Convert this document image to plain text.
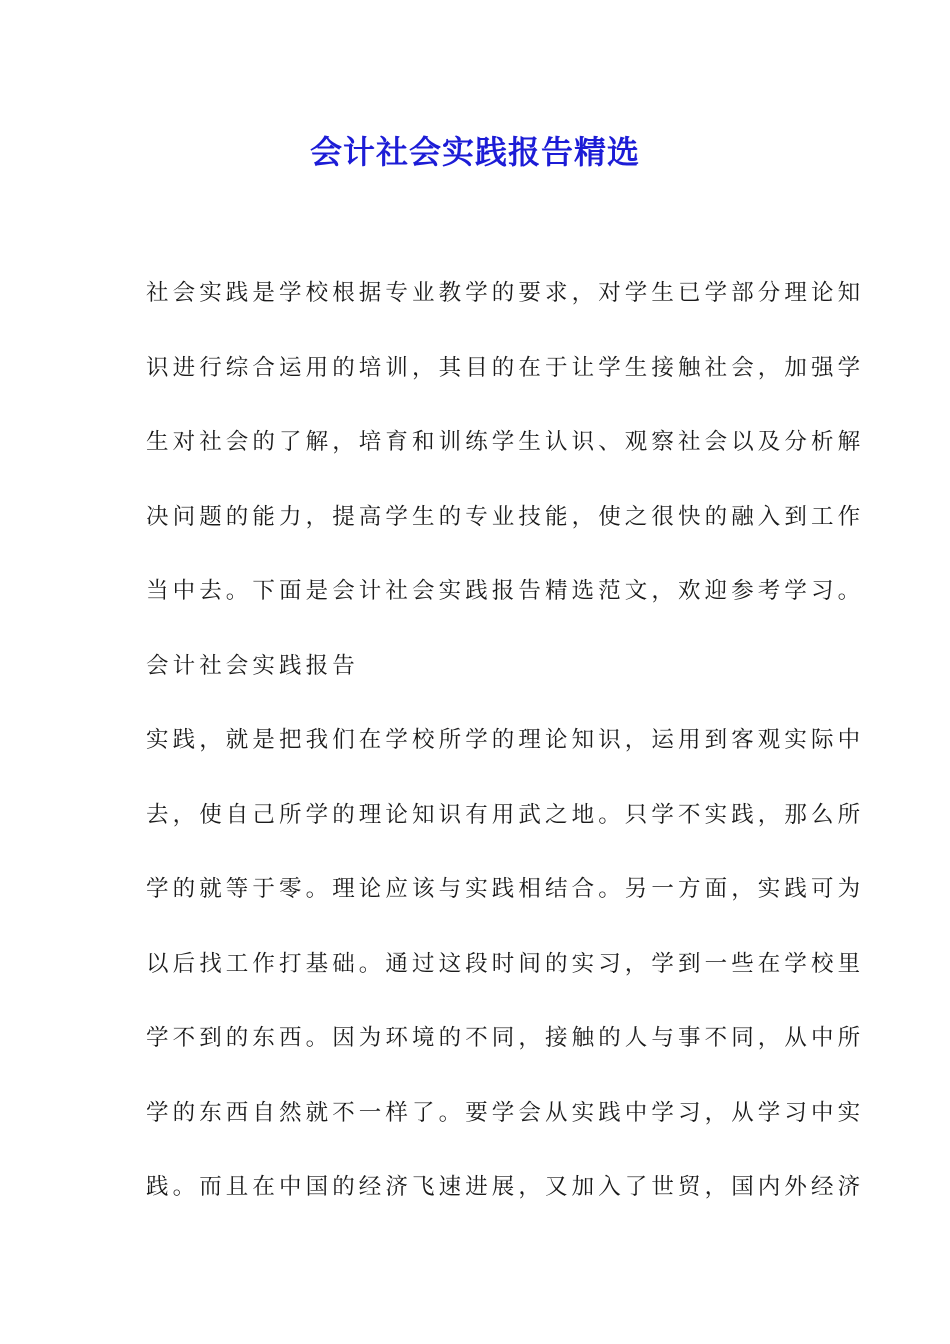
会计社会实践报告精选

社会实践是学校根据专业教学的要求，对学生已学部分理论知
识进行综合运用的培训，其目的在于让学生接触社会，加强学
生对社会的了解，培育和训练学生认识、观察社会以及分析解
决问题的能力，提高学生的专业技能，使之很快的融入到工作
当中去。下面是会计社会实践报告精选范文，欢迎参考学习。

会计社会实践报告

实践，就是把我们在学校所学的理论知识，运用到客观实际中
去，使自己所学的理论知识有用武之地。只学不实践，那么所
学的就等于零。理论应该与实践相结合。另一方面，实践可为
以后找工作打基础。通过这段时间的实习，学到一些在学校里
学不到的东西。因为环境的不同，接触的人与事不同，从中所
学的东西自然就不一样了。要学会从实践中学习，从学习中实
践。而且在中国的经济飞速进展，又加入了世贸，国内外经济
